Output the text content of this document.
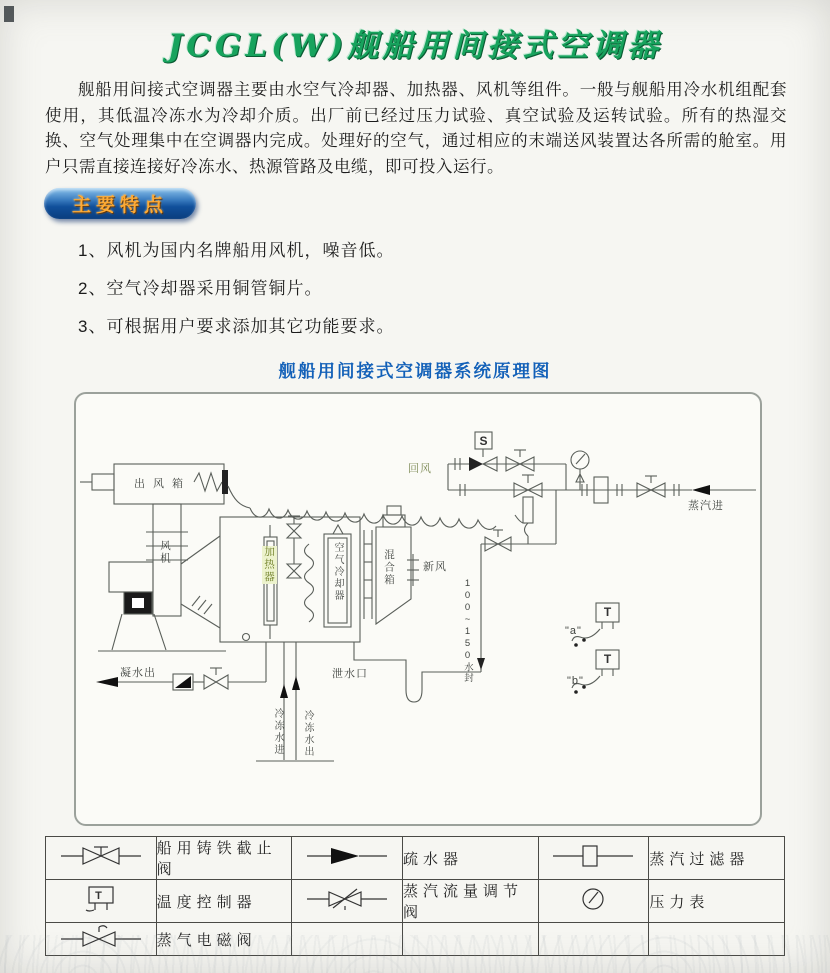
JCGL(W)舰船用间接式空调器
舰船用间接式空调器主要由水空气冷却器、加热器、风机等组件。一般与舰船用冷水机组配套使用，其低温冷冻水为冷却介质。出厂前已经过压力试验、真空试验及运转试验。所有的热湿交换、空气处理集中在空调器内完成。处理好的空气，通过相应的末端送风装置达各所需的舱室。用户只需直接连接好冷冻水、热源管路及电缆，即可投入运行。
主要特点
1、风机为国内名牌船用风机，噪音低。
2、空气冷却器采用铜管铜片。
3、可根据用户要求添加其它功能要求。
舰船用间接式空调器系统原理图
出风箱
风机	加热器	空气冷却器	混合箱	新风
回风
蒸汽进
泄水口	100~150水封	"a"
"b"
凝水出
冷冻水进 冷冻水出
S
T
T
	船用铸铁截止阀		疏水器		蒸汽过滤器

T	温度控制器		蒸汽流量调节阀		压力表
	蒸气电磁阀				
